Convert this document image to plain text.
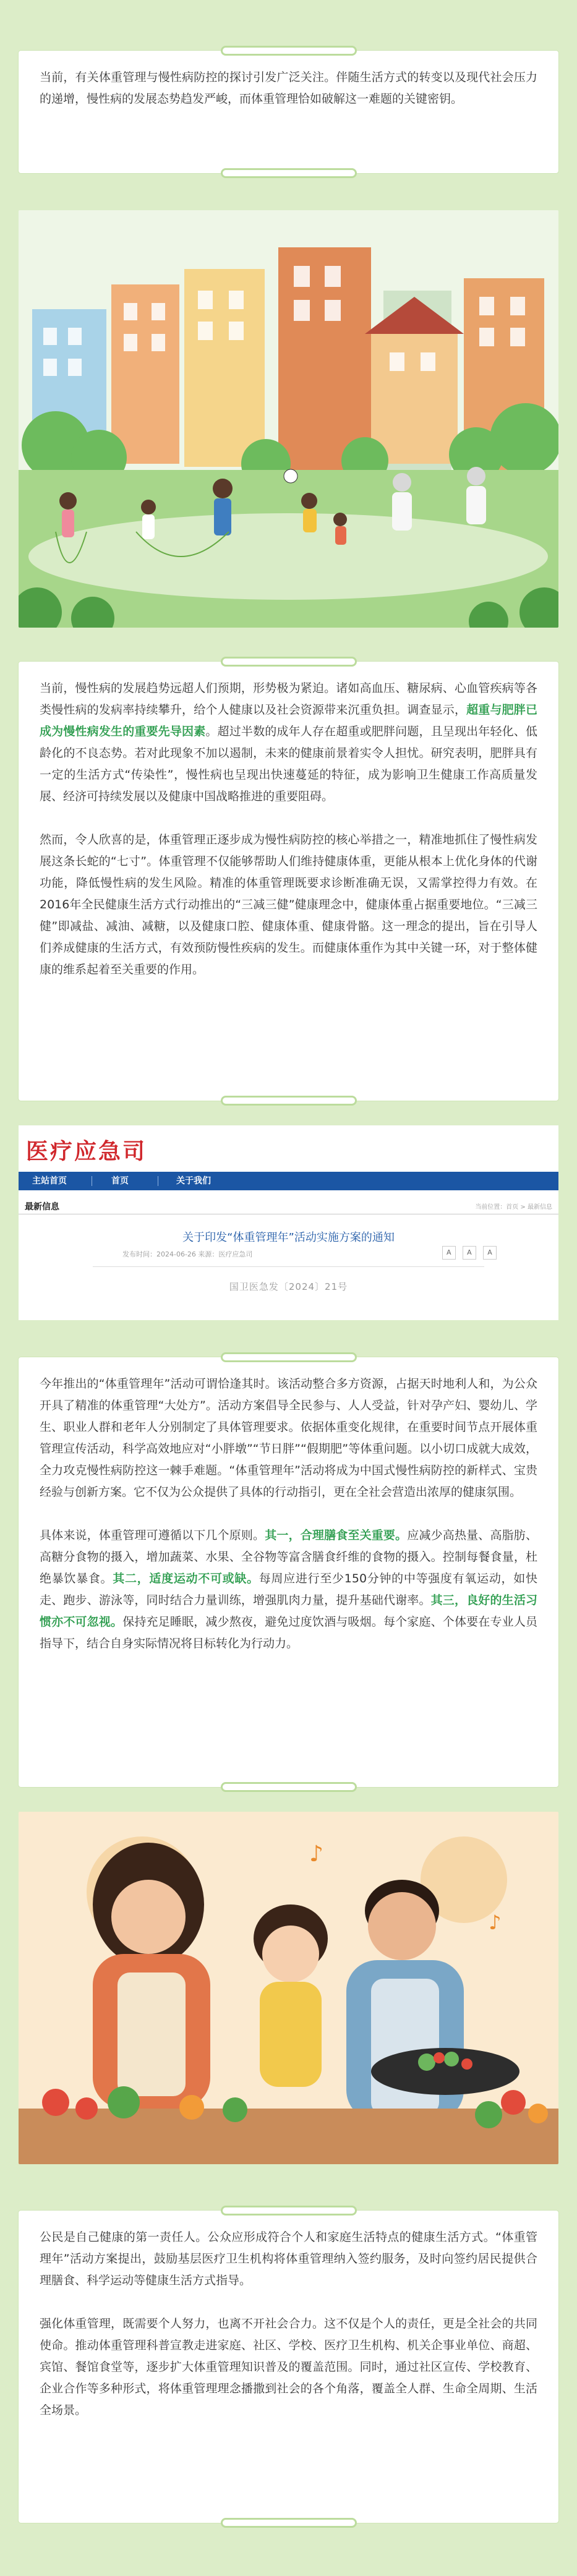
当前，有关体重管理与慢性病防控的探讨引发广泛关注。伴随生活方式的转变以及现代社会压力的递增，慢性病的发展态势趋发严峻，而体重管理恰如破解这一难题的关键密钥。

当前，慢性病的发展趋势远超人们预期，形势极为紧迫。诸如高血压、糖尿病、心血管疾病等各类慢性病的发病率持续攀升，给个人健康以及社会资源带来沉重负担。调查显示，超重与肥胖已成为慢性病发生的重要先导因素。超过半数的成年人存在超重或肥胖问题，且呈现出年轻化、低龄化的不良态势。若对此现象不加以遏制，未来的健康前景着实令人担忧。研究表明，肥胖具有一定的生活方式“传染性”，慢性病也呈现出快速蔓延的特征，成为影响卫生健康工作高质量发展、经济可持续发展以及健康中国战略推进的重要阻碍。

然而，令人欣喜的是，体重管理正逐步成为慢性病防控的核心举措之一，精准地抓住了慢性病发展这条长蛇的“七寸”。体重管理不仅能够帮助人们维持健康体重，更能从根本上优化身体的代谢功能，降低慢性病的发生风险。精准的体重管理既要求诊断准确无误，又需掌控得力有效。在2016年全民健康生活方式行动推出的“三减三健”健康理念中，健康体重占据重要地位。“三减三健”即减盐、减油、减糖，以及健康口腔、健康体重、健康骨骼。这一理念的提出，旨在引导人们养成健康的生活方式，有效预防慢性疾病的发生。而健康体重作为其中关键一环，对于整体健康的维系起着至关重要的作用。

医疗应急司
主站首页	首页	关于我们
最新信息	当前位置：首页 > 最新信息
关于印发“体重管理年”活动实施方案的通知
发布时间：2024-06-26 来源：医疗应急司	A A A
国卫医急发〔2024〕21号

今年推出的“体重管理年”活动可谓恰逢其时。该活动整合多方资源，占据天时地利人和，为公众开具了精准的体重管理“大处方”。活动方案倡导全民参与、人人受益，针对孕产妇、婴幼儿、学生、职业人群和老年人分别制定了具体管理要求。依据体重变化规律，在重要时间节点开展体重管理宣传活动，科学高效地应对“小胖墩”“节日胖”“假期肥”等体重问题。以小切口成就大成效，全力攻克慢性病防控这一棘手难题。“体重管理年”活动将成为中国式慢性病防控的新样式、宝贵经验与创新方案。它不仅为公众提供了具体的行动指引，更在全社会营造出浓厚的健康氛围。

具体来说，体重管理可遵循以下几个原则。其一，合理膳食至关重要。应减少高热量、高脂肪、高糖分食物的摄入，增加蔬菜、水果、全谷物等富含膳食纤维的食物的摄入。控制每餐食量，杜绝暴饮暴食。其二，适度运动不可或缺。每周应进行至少150分钟的中等强度有氧运动，如快走、跑步、游泳等，同时结合力量训练，增强肌肉力量，提升基础代谢率。其三，良好的生活习惯亦不可忽视。保持充足睡眠，减少熬夜，避免过度饮酒与吸烟。每个家庭、个体要在专业人员指导下，结合自身实际情况将目标转化为行动力。

♪
♪

公民是自己健康的第一责任人。公众应形成符合个人和家庭生活特点的健康生活方式。“体重管理年”活动方案提出，鼓励基层医疗卫生机构将体重管理纳入签约服务，及时向签约居民提供合理膳食、科学运动等健康生活方式指导。

强化体重管理，既需要个人努力，也离不开社会合力。这不仅是个人的责任，更是全社会的共同使命。推动体重管理科普宣教走进家庭、社区、学校、医疗卫生机构、机关企事业单位、商超、宾馆、餐馆食堂等，逐步扩大体重管理知识普及的覆盖范围。同时，通过社区宣传、学校教育、企业合作等多种形式，将体重管理理念播撒到社会的各个角落，覆盖全人群、生命全周期、生活全场景。
